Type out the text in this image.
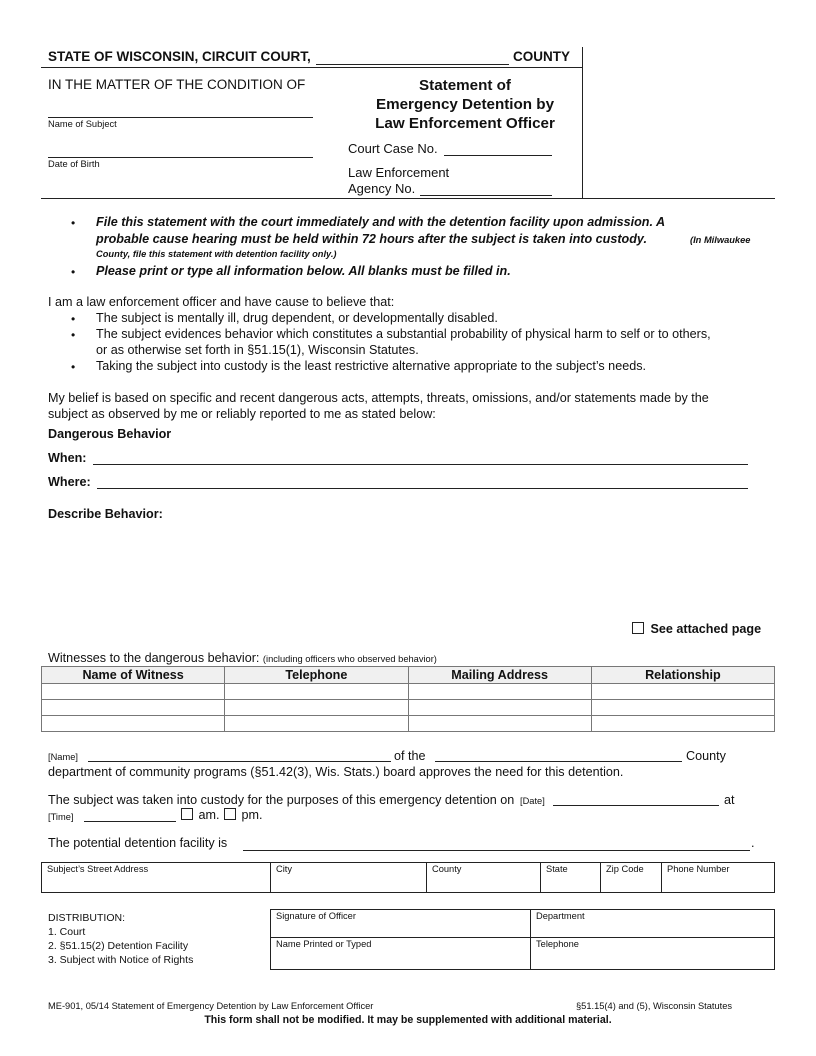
STATE OF WISCONSIN, CIRCUIT COURT,	COUNTY
IN THE MATTER OF THE CONDITION OF
Name of Subject
Date of Birth
Statement of
Emergency Detention by
Law Enforcement Officer
Court Case No.
Law Enforcement
Agency No.
• File this statement with the court immediately and with the detention facility upon admission. A
probable cause hearing must be held within 72 hours after the subject is taken into custody.	(In Milwaukee
County, file this statement with detention facility only.)
• Please print or type all information below. All blanks must be filled in.
I am a law enforcement officer and have cause to believe that:
• The subject is mentally ill, drug dependent, or developmentally disabled.
• The subject evidences behavior which constitutes a substantial probability of physical harm to self or to others,
or as otherwise set forth in §51.15(1), Wisconsin Statutes.
• Taking the subject into custody is the least restrictive alternative appropriate to the subject’s needs.
My belief is based on specific and recent dangerous acts, attempts, threats, omissions, and/or statements made by the
subject as observed by me or reliably reported to me as stated below:
Dangerous Behavior
When:
Where:
Describe Behavior:
See attached page
Witnesses to the dangerous behavior: (including officers who observed behavior)
Name of Witness	Telephone	Mailing Address	Relationship

[Name]	of the	County
department of community programs (§51.42(3), Wis. Stats.) board approves the need for this detention.
The subject was taken into custody for the purposes of this emergency detention on [Date]	at
[Time]	am.	pm.
The potential detention facility is	.
Subject’s Street Address	City	County	State	Zip Code	Phone Number
DISTRIBUTION:
1. Court
2. §51.15(2) Detention Facility
3. Subject with Notice of Rights
Signature of Officer	Department
Name Printed or Typed	Telephone
ME-901, 05/14 Statement of Emergency Detention by Law Enforcement Officer	§51.15(4) and (5), Wisconsin Statutes
This form shall not be modified. It may be supplemented with additional material.
